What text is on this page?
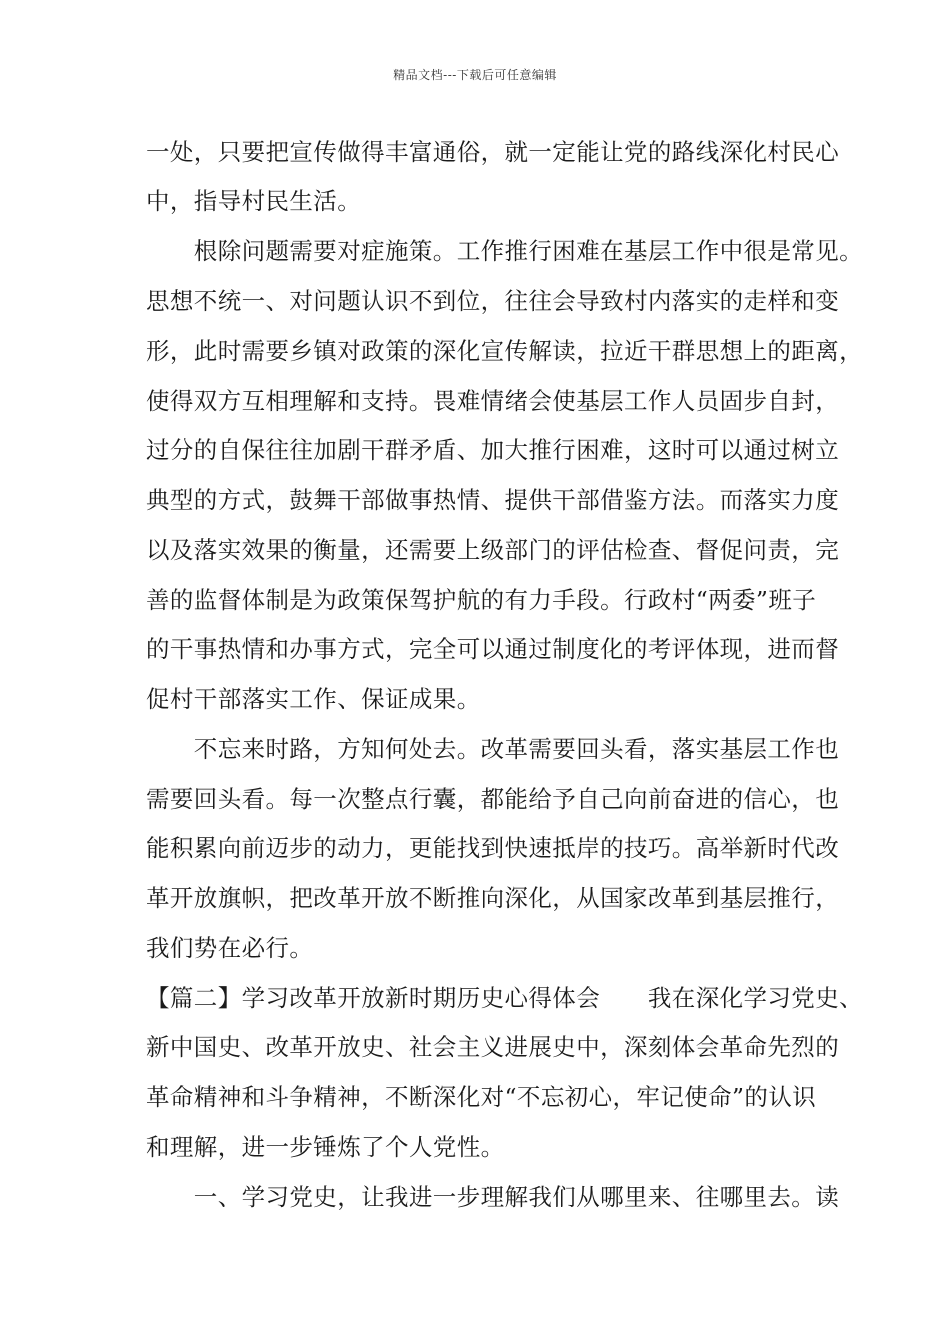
精品文档---下载后可任意编辑
一处，只要把宣传做得丰富通俗，就一定能让党的路线深化村民心
中，指导村民生活。
　　根除问题需要对症施策。工作推行困难在基层工作中很是常见。
思想不统一、对问题认识不到位，往往会导致村内落实的走样和变
形，此时需要乡镇对政策的深化宣传解读，拉近干群思想上的距离，
使得双方互相理解和支持。畏难情绪会使基层工作人员固步自封，
过分的自保往往加剧干群矛盾、加大推行困难，这时可以通过树立
典型的方式，鼓舞干部做事热情、提供干部借鉴方法。而落实力度
以及落实效果的衡量，还需要上级部门的评估检查、督促问责，完
善的监督体制是为政策保驾护航的有力手段。行政村“两委”班子
的干事热情和办事方式，完全可以通过制度化的考评体现，进而督
促村干部落实工作、保证成果。
　　不忘来时路，方知何处去。改革需要回头看，落实基层工作也
需要回头看。每一次整点行囊，都能给予自己向前奋进的信心，也
能积累向前迈步的动力，更能找到快速抵岸的技巧。高举新时代改
革开放旗帜，把改革开放不断推向深化，从国家改革到基层推行，
我们势在必行。
【篇二】学习改革开放新时期历史心得体会　　我在深化学习党史、
新中国史、改革开放史、社会主义进展史中，深刻体会革命先烈的
革命精神和斗争精神，不断深化对“不忘初心，牢记使命”的认识
和理解，进一步锤炼了个人党性。
　　一、学习党史，让我进一步理解我们从哪里来、往哪里去。读
